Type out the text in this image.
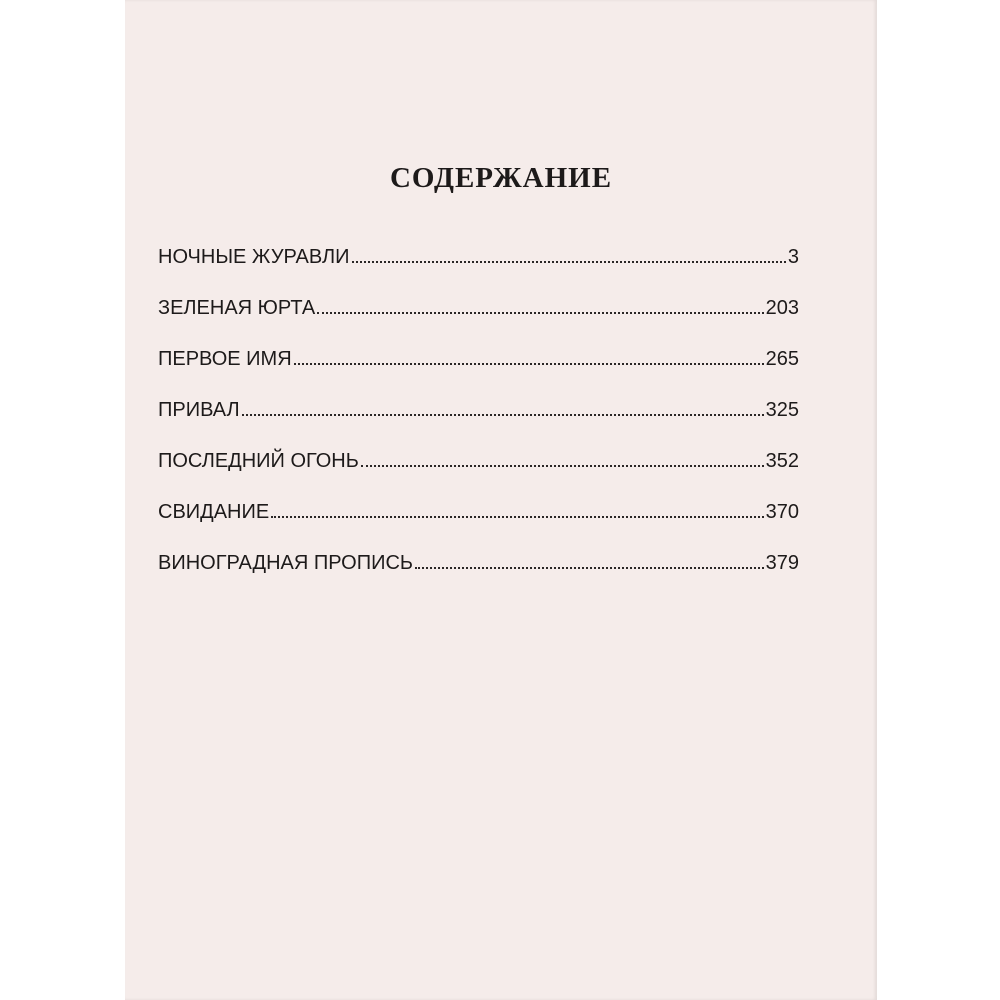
СОДЕРЖАНИЕ
НОЧНЫЕ ЖУРАВЛИ	3
ЗЕЛЕНАЯ ЮРТА	203
ПЕРВОЕ ИМЯ	265
ПРИВАЛ	325
ПОСЛЕДНИЙ ОГОНЬ	352
СВИДАНИЕ	370
ВИНОГРАДНАЯ ПРОПИСЬ	379
